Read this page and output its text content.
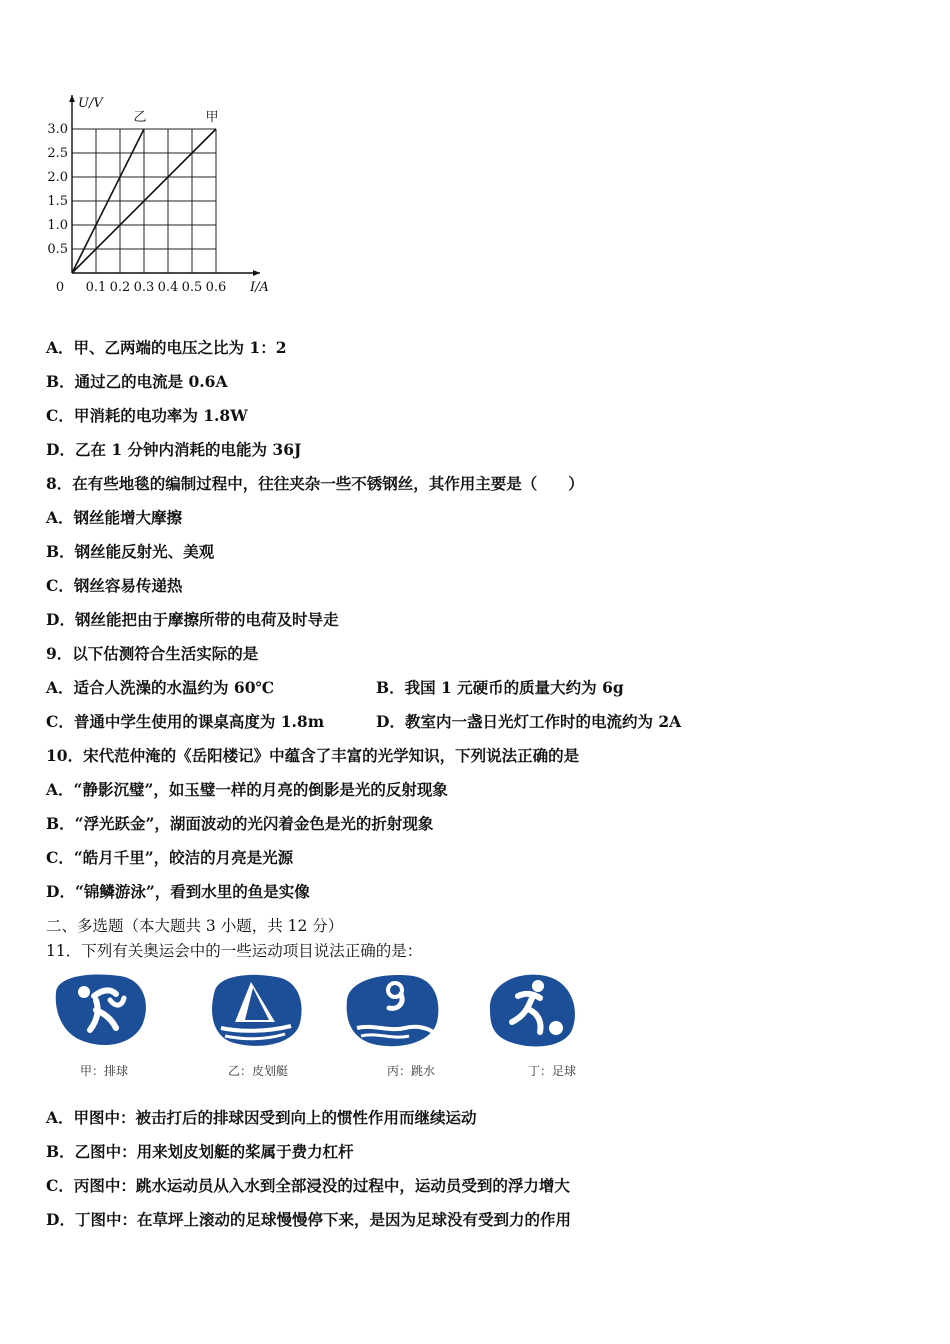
乙	甲
0.5
1.0
1.5
2.0
2.5
3.0
0.1 0.2 0.3 0.4 0.5 0.6
0	I/A
U/V
A．甲、乙两端的电压之比为 1：2
B．通过乙的电流是 0.6A
C．甲消耗的电功率为 1.8W
D．乙在 1 分钟内消耗的电能为 36J
8．在有些地毯的编制过程中，往往夹杂一些不锈钢丝，其作用主要是（　　）
A．钢丝能增大摩擦
B．钢丝能反射光、美观
C．钢丝容易传递热
D．钢丝能把由于摩擦所带的电荷及时导走
9．以下估测符合生活实际的是
A．适合人洗澡的水温约为 60℃	B．我国 1 元硬币的质量大约为 6g
C．普通中学生使用的课桌高度为 1.8m	D．教室内一盏日光灯工作时的电流约为 2A
10．宋代范仲淹的《岳阳楼记》中蕴含了丰富的光学知识，下列说法正确的是
A．“静影沉璧”，如玉璧一样的月亮的倒影是光的反射现象
B．“浮光跃金”，湖面波动的光闪着金色是光的折射现象
C．“皓月千里”，皎洁的月亮是光源
D．“锦鳞游泳”，看到水里的鱼是实像
二、多选题（本大题共 3 小题，共 12 分）
11．下列有关奥运会中的一些运动项目说法正确的是：
甲：排球	乙：皮划艇	丙：跳水	丁：足球
A．甲图中：被击打后的排球因受到向上的惯性作用而继续运动
B．乙图中：用来划皮划艇的桨属于费力杠杆
C．丙图中：跳水运动员从入水到全部浸没的过程中，运动员受到的浮力增大
D．丁图中：在草坪上滚动的足球慢慢停下来，是因为足球没有受到力的作用
